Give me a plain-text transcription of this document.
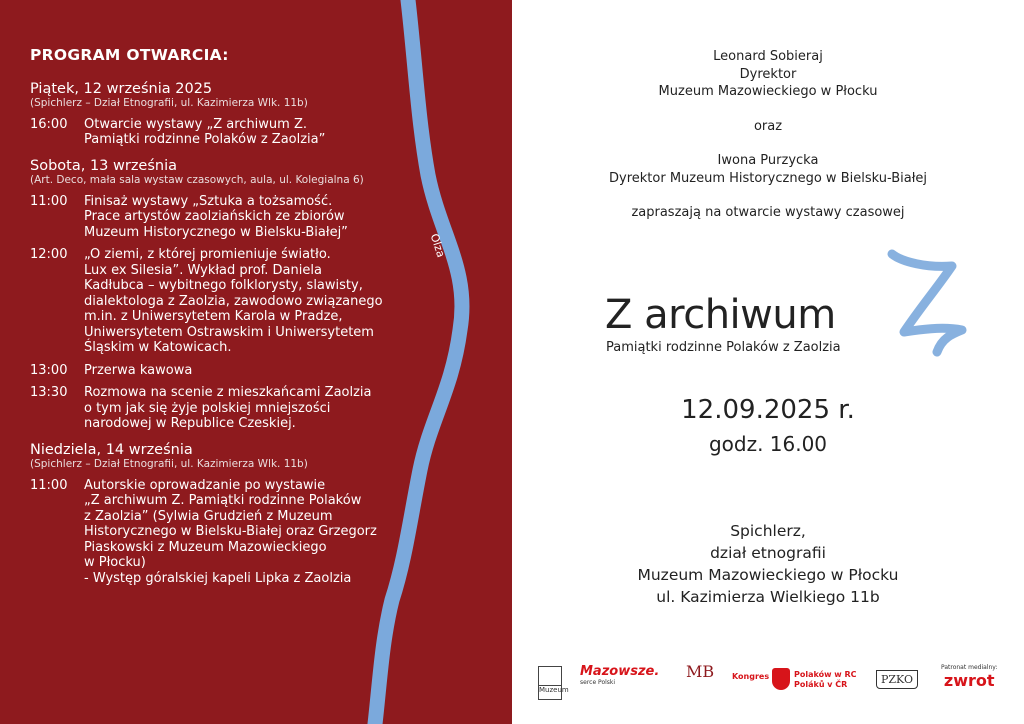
Olza
PROGRAM OTWARCIA:
Piątek, 12 września 2025
(Spichlerz – Dział Etnografii, ul. Kazimierza Wlk. 11b)
16:00	Otwarcie wystawy „Z archiwum Z.
Pamiątki rodzinne Polaków z Zaolzia”
Sobota, 13 września
(Art. Deco, mała sala wystaw czasowych, aula, ul. Kolegialna 6)
11:00	Finisaż wystawy „Sztuka a tożsamość.
Prace artystów zaolziańskich ze zbiorów
Muzeum Historycznego w Bielsku-Białej”
12:00	„O ziemi, z której promieniuje światło.
Lux ex Silesia”. Wykład prof. Daniela
Kadłubca – wybitnego folklorysty, slawisty,
dialektologa z Zaolzia, zawodowo związanego
m.in. z Uniwersytetem Karola w Pradze,
Uniwersytetem Ostrawskim i Uniwersytetem
Śląskim w Katowicach.
13:00	Przerwa kawowa
13:30	Rozmowa na scenie z mieszkańcami Zaolzia
o tym jak się żyje polskiej mniejszości
narodowej w Republice Czeskiej.
Niedziela, 14 września
(Spichlerz – Dział Etnografii, ul. Kazimierza Wlk. 11b)
11:00	Autorskie oprowadzanie po wystawie
„Z archiwum Z. Pamiątki rodzinne Polaków
z Zaolzia” (Sylwia Grudzień z Muzeum
Historycznego w Bielsku-Białej oraz Grzegorz
Piaskowski z Muzeum Mazowieckiego
w Płocku)
- Występ góralskiej kapeli Lipka z Zaolzia

Leonard Sobieraj

Dyrektor

Muzeum Mazowieckiego w Płocku

oraz

Iwona Purzycka

Dyrektor Muzeum Historycznego w Bielsku-Białej

zapraszają na otwarcie wystawy czasowej

Z archiwum
Pamiątki rodzinne Polaków z Zaolzia
12.09.2025 r.
godz. 16.00
Spichlerz,
dział etnografii
Muzeum Mazowieckiego w Płocku
ul. Kazimierza Wielkiego 11b
Muzeum
Mazowsze.
serce Polski
MB Kongres	Polaków w RC
Poláků v ČR	PZKO
Patronat medialny:
zwrot
